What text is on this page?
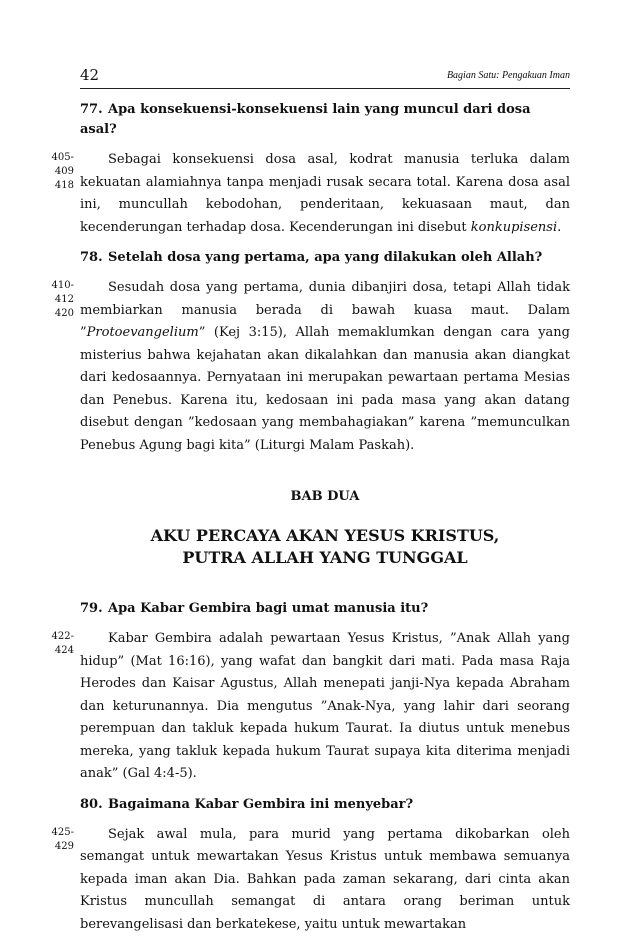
42	Bagian Satu: Pengakuan Iman
77. Apa konsekuensi-konsekuensi lain yang muncul dari dosa asal?
405-409
418
Sebagai konsekuensi dosa asal, kodrat manusia terluka dalam kekuatan alamiahnya tanpa menjadi rusak secara total. Karena dosa asal ini, muncullah kebodohan, penderitaan, kekuasaan maut, dan kecenderungan terhadap dosa. Kecenderungan ini disebut konkupisensi.
78. Setelah dosa yang pertama, apa yang dilakukan oleh Allah?
410-412
420
Sesudah dosa yang pertama, dunia dibanjiri dosa, tetapi Allah tidak membiarkan manusia berada di bawah kuasa maut. Dalam ”Protoevangelium” (Kej 3:15), Allah memaklumkan dengan cara yang misterius bahwa kejahatan akan dikalahkan dan manusia akan diangkat dari kedosaannya. Pernyataan ini merupakan pewartaan pertama Mesias dan Penebus. Karena itu, kedosaan ini pada masa yang akan datang disebut dengan ”kedosaan yang membahagiakan” karena ”memunculkan Penebus Agung bagi kita” (Liturgi Malam Paskah).
BAB DUA
AKU PERCAYA AKAN YESUS KRISTUS,
PUTRA ALLAH YANG TUNGGAL
79. Apa Kabar Gembira bagi umat manusia itu?
422-424
Kabar Gembira adalah pewartaan Yesus Kristus, ”Anak Allah yang hidup” (Mat 16:16), yang wafat dan bangkit dari mati. Pada masa Raja Herodes dan Kaisar Agustus, Allah menepati janji-Nya kepada Abraham dan keturunannya. Dia mengutus ”Anak-Nya, yang lahir dari seorang perempuan dan takluk kepada hukum Taurat. Ia diutus untuk menebus mereka, yang takluk kepada hukum Taurat supaya kita diterima menjadi anak” (Gal 4:4-5).
80. Bagaimana Kabar Gembira ini menyebar?
425-429
Sejak awal mula, para murid yang pertama dikobarkan oleh semangat untuk mewartakan Yesus Kristus untuk membawa semuanya kepada iman akan Dia. Bahkan pada zaman sekarang, dari cinta akan Kristus muncullah semangat di antara orang beriman untuk berevangelisasi dan berkatekese, yaitu untuk mewartakan
